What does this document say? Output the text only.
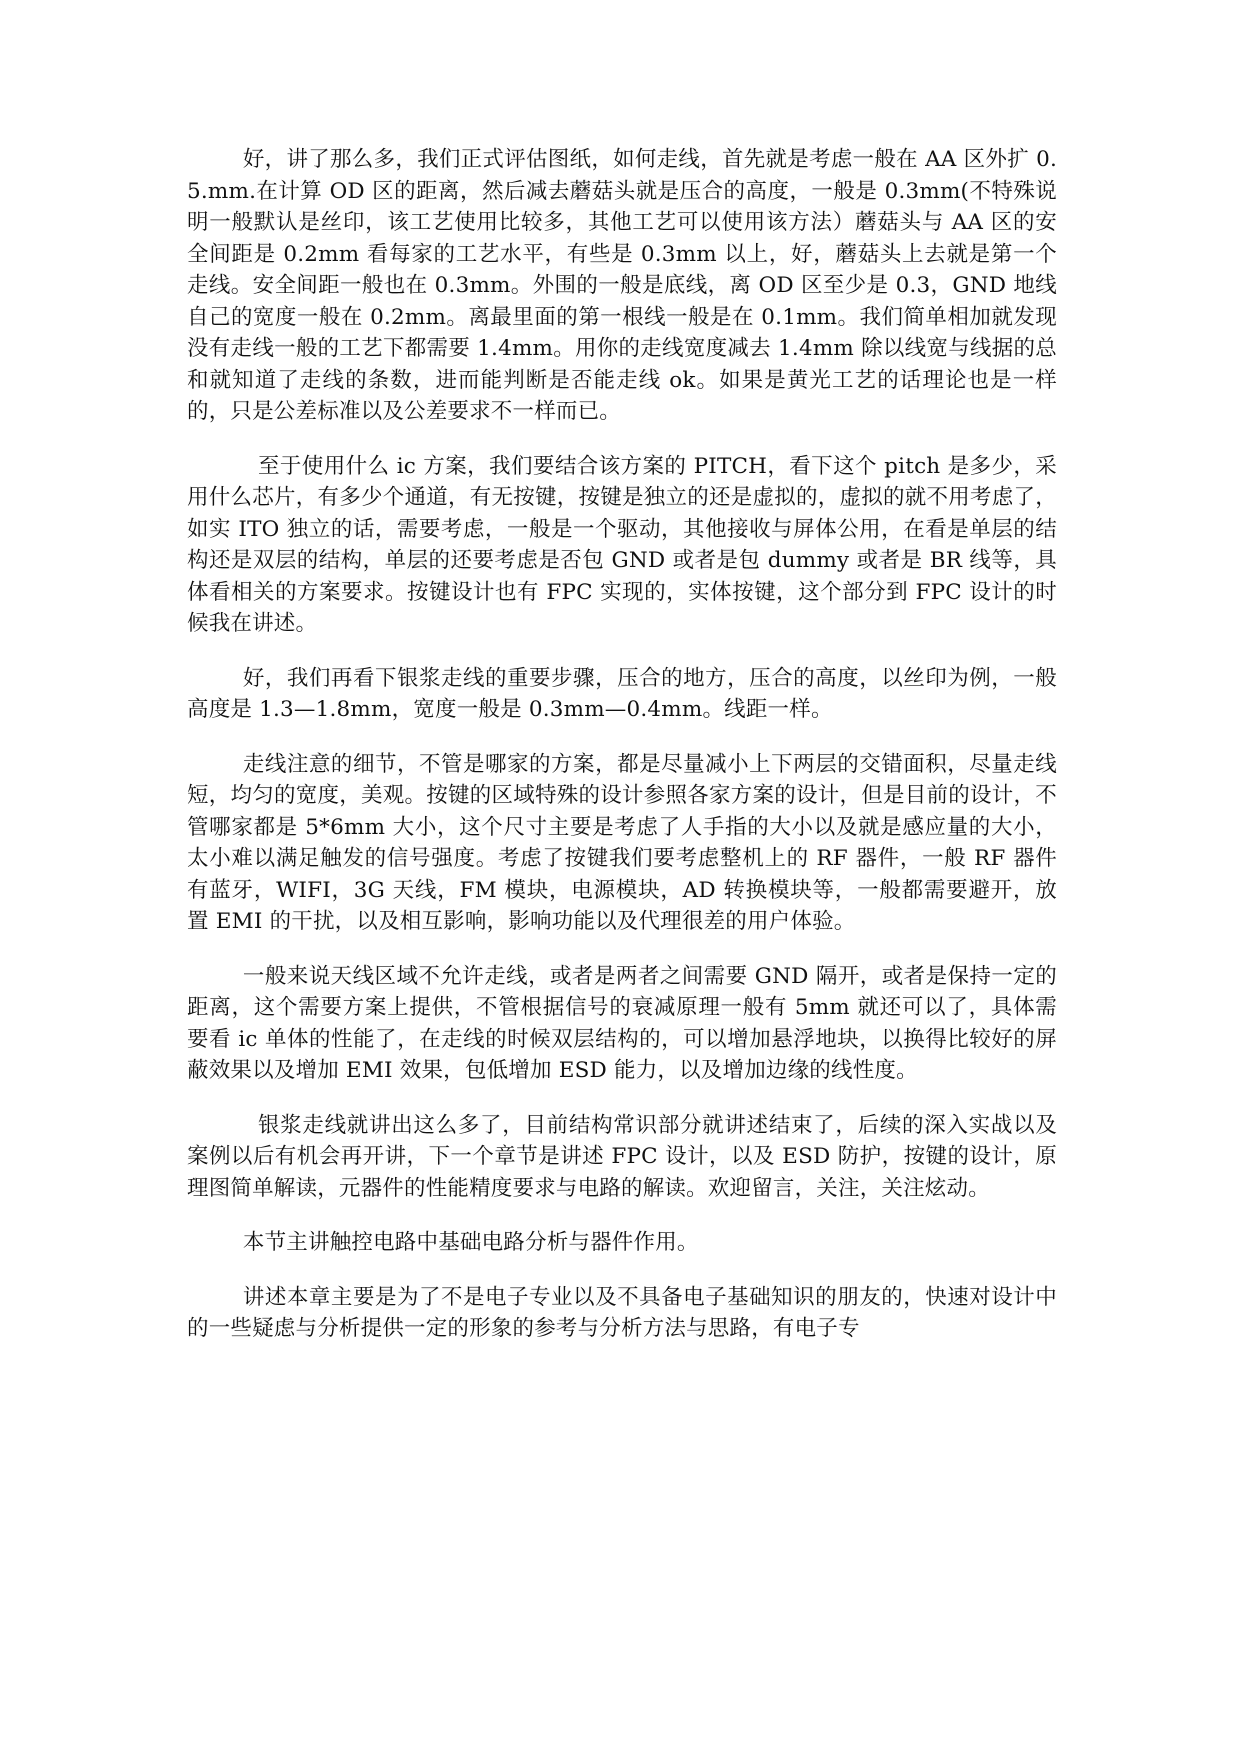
好，讲了那么多，我们正式评估图纸，如何走线，首先就是考虑一般在 AA 区外扩 0.5.mm.在计算 OD 区的距离，然后减去蘑菇头就是压合的高度，一般是 0.3mm(不特殊说明一般默认是丝印，该工艺使用比较多，其他工艺可以使用该方法）蘑菇头与 AA 区的安全间距是 0.2mm 看每家的工艺水平，有些是 0.3mm 以上，好，蘑菇头上去就是第一个走线。安全间距一般也在 0.3mm。外围的一般是底线，离 OD 区至少是 0.3，GND 地线自己的宽度一般在 0.2mm。离最里面的第一根线一般是在 0.1mm。我们简单相加就发现没有走线一般的工艺下都需要 1.4mm。用你的走线宽度减去 1.4mm 除以线宽与线据的总和就知道了走线的条数，进而能判断是否能走线 ok。如果是黄光工艺的话理论也是一样的，只是公差标准以及公差要求不一样而已。

至于使用什么 ic 方案，我们要结合该方案的 PITCH，看下这个 pitch 是多少，采用什么芯片，有多少个通道，有无按键，按键是独立的还是虚拟的，虚拟的就不用考虑了，如实 ITO 独立的话，需要考虑，一般是一个驱动，其他接收与屏体公用，在看是单层的结构还是双层的结构，单层的还要考虑是否包 GND 或者是包 dummy 或者是 BR 线等，具体看相关的方案要求。按键设计也有 FPC 实现的，实体按键，这个部分到 FPC 设计的时候我在讲述。

好，我们再看下银浆走线的重要步骤，压合的地方，压合的高度，以丝印为例，一般高度是 1.3—1.8mm，宽度一般是 0.3mm—0.4mm。线距一样。

走线注意的细节，不管是哪家的方案，都是尽量减小上下两层的交错面积，尽量走线短，均匀的宽度，美观。按键的区域特殊的设计参照各家方案的设计，但是目前的设计，不管哪家都是 5*6mm 大小，这个尺寸主要是考虑了人手指的大小以及就是感应量的大小，太小难以满足触发的信号强度。考虑了按键我们要考虑整机上的 RF 器件，一般 RF 器件有蓝牙，WIFI，3G 天线，FM 模块，电源模块，AD 转换模块等，一般都需要避开，放置 EMI 的干扰，以及相互影响，影响功能以及代理很差的用户体验。

一般来说天线区域不允许走线，或者是两者之间需要 GND 隔开，或者是保持一定的距离，这个需要方案上提供，不管根据信号的衰减原理一般有 5mm 就还可以了，具体需要看 ic 单体的性能了，在走线的时候双层结构的，可以增加悬浮地块，以换得比较好的屏蔽效果以及增加 EMI 效果，包低增加 ESD 能力，以及增加边缘的线性度。

银浆走线就讲出这么多了，目前结构常识部分就讲述结束了，后续的深入实战以及案例以后有机会再开讲，下一个章节是讲述 FPC 设计，以及 ESD 防护，按键的设计，原理图简单解读，元器件的性能精度要求与电路的解读。欢迎留言，关注，关注炫动。

本节主讲触控电路中基础电路分析与器件作用。

讲述本章主要是为了不是电子专业以及不具备电子基础知识的朋友的，快速对设计中的一些疑虑与分析提供一定的形象的参考与分析方法与思路，有电子专
